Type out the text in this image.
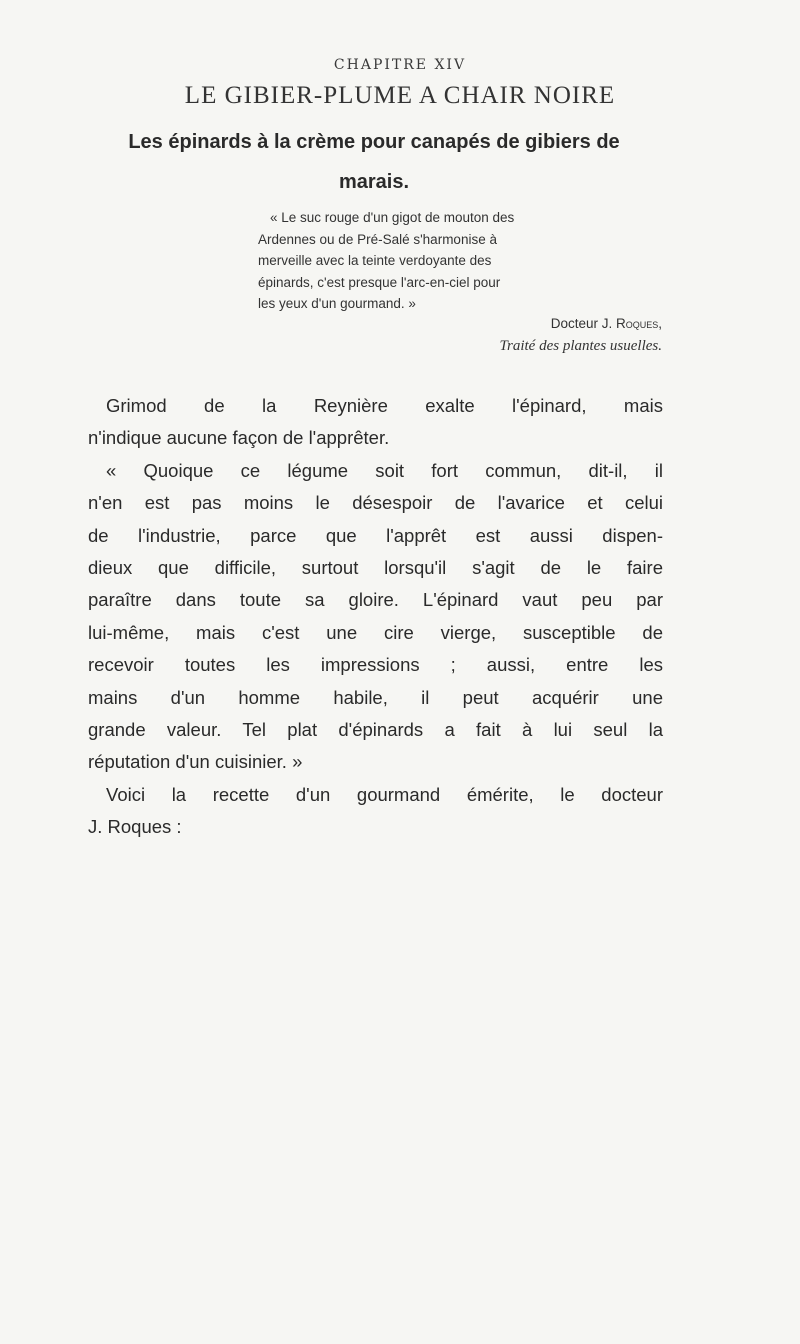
CHAPITRE XIV
LE GIBIER-PLUME A CHAIR NOIRE
Les épinards à la crème pour canapés de gibiers de
marais.
« Le suc rouge d'un gigot de mouton des
Ardennes ou de Pré-Salé s'harmonise à
merveille avec la teinte verdoyante des
épinards, c'est presque l'arc-en-ciel pour
les yeux d'un gourmand. »
Docteur J. Roques,
Traité des plantes usuelles.
Grimod de la Reynière exalte l'épinard, mais
n'indique aucune façon de l'apprêter.
« Quoique ce légume soit fort commun, dit-il, il
n'en est pas moins le désespoir de l'avarice et celui
de l'industrie, parce que l'apprêt est aussi dispen-
dieux que difficile, surtout lorsqu'il s'agit de le faire
paraître dans toute sa gloire. L'épinard vaut peu par
lui-même, mais c'est une cire vierge, susceptible de
recevoir toutes les impressions ; aussi, entre les
mains d'un homme habile, il peut acquérir une
grande valeur. Tel plat d'épinards a fait à lui seul la
réputation d'un cuisinier. »
Voici la recette d'un gourmand émérite, le docteur
J. Roques :
